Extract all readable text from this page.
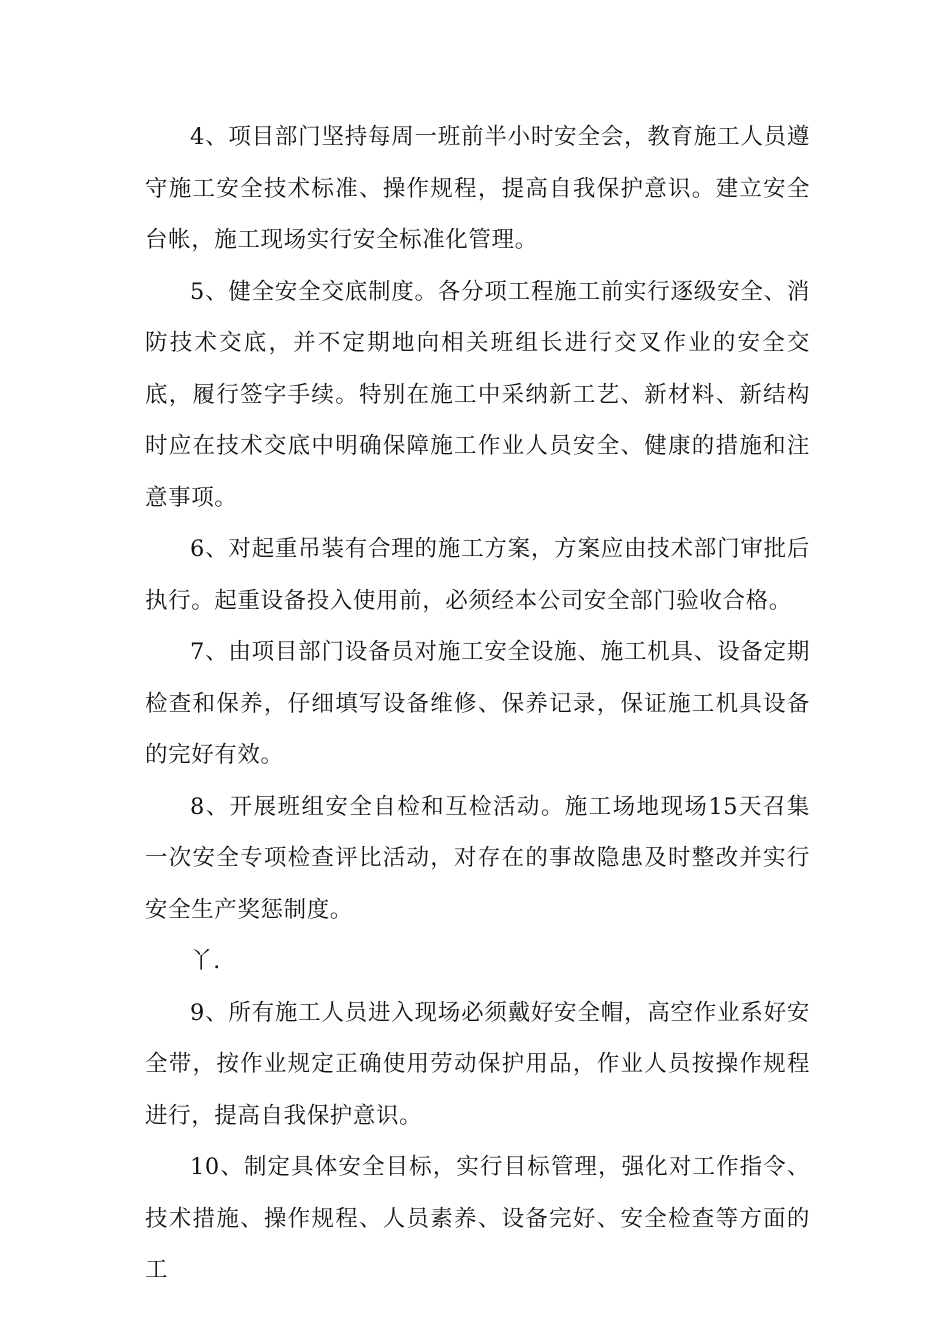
4、项目部门坚持每周一班前半小时安全会，教育施工人员遵守施工安全技术标准、操作规程，提高自我保护意识。建立安全台帐，施工现场实行安全标准化管理。

5、健全安全交底制度。各分项工程施工前实行逐级安全、消防技术交底，并不定期地向相关班组长进行交叉作业的安全交底，履行签字手续。特别在施工中采纳新工艺、新材料、新结构时应在技术交底中明确保障施工作业人员安全、健康的措施和注意事项。

6、对起重吊装有合理的施工方案，方案应由技术部门审批后执行。起重设备投入使用前，必须经本公司安全部门验收合格。

7、由项目部门设备员对施工安全设施、施工机具、设备定期检查和保养，仔细填写设备维修、保养记录，保证施工机具设备的完好有效。

8、开展班组安全自检和互检活动。施工场地现场15天召集一次安全专项检查评比活动，对存在的事故隐患及时整改并实行安全生产奖惩制度。

丫.

9、所有施工人员进入现场必须戴好安全帽，高空作业系好安全带，按作业规定正确使用劳动保护用品，作业人员按操作规程进行，提高自我保护意识。

10、制定具体安全目标，实行目标管理，强化对工作指令、技术措施、操作规程、人员素养、设备完好、安全检查等方面的工
